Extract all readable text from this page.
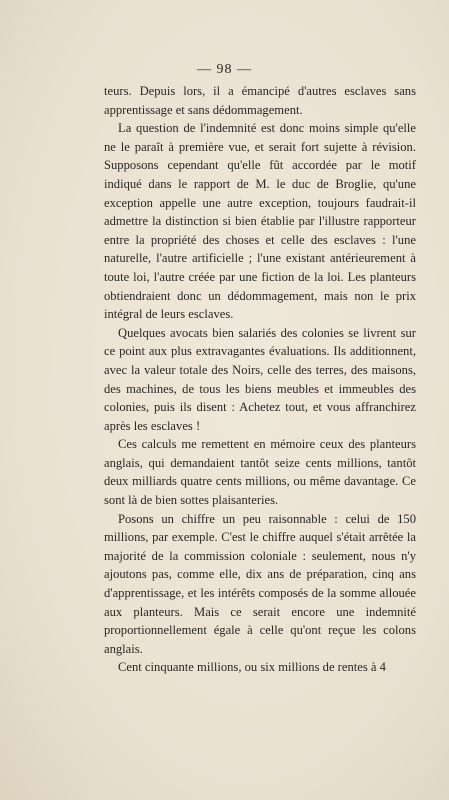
— 98 —

teurs. Depuis lors, il a émancipé d'autres esclaves sans apprentissage et sans dédommagement.

La question de l'indemnité est donc moins simple qu'elle ne le paraît à première vue, et serait fort sujette à révision. Supposons cependant qu'elle fût accordée par le motif indiqué dans le rapport de M. le duc de Broglie, qu'une exception appelle une autre exception, toujours faudrait-il admettre la distinction si bien établie par l'illustre rapporteur entre la propriété des choses et celle des esclaves : l'une naturelle, l'autre artificielle ; l'une existant antérieurement à toute loi, l'autre créée par une fiction de la loi. Les planteurs obtiendraient donc un dédommagement, mais non le prix intégral de leurs esclaves.

Quelques avocats bien salariés des colonies se livrent sur ce point aux plus extravagantes évaluations. Ils additionnent, avec la valeur totale des Noirs, celle des terres, des maisons, des machines, de tous les biens meubles et immeubles des colonies, puis ils disent : Achetez tout, et vous affranchirez après les esclaves !

Ces calculs me remettent en mémoire ceux des planteurs anglais, qui demandaient tantôt seize cents millions, tantôt deux milliards quatre cents millions, ou même davantage. Ce sont là de bien sottes plaisanteries.

Posons un chiffre un peu raisonnable : celui de 150 millions, par exemple. C'est le chiffre auquel s'était arrêtée la majorité de la commission coloniale : seulement, nous n'y ajoutons pas, comme elle, dix ans de préparation, cinq ans d'apprentissage, et les intérêts composés de la somme allouée aux planteurs. Mais ce serait encore une indemnité proportionnellement égale à celle qu'ont reçue les colons anglais.

Cent cinquante millions, ou six millions de rentes à 4
